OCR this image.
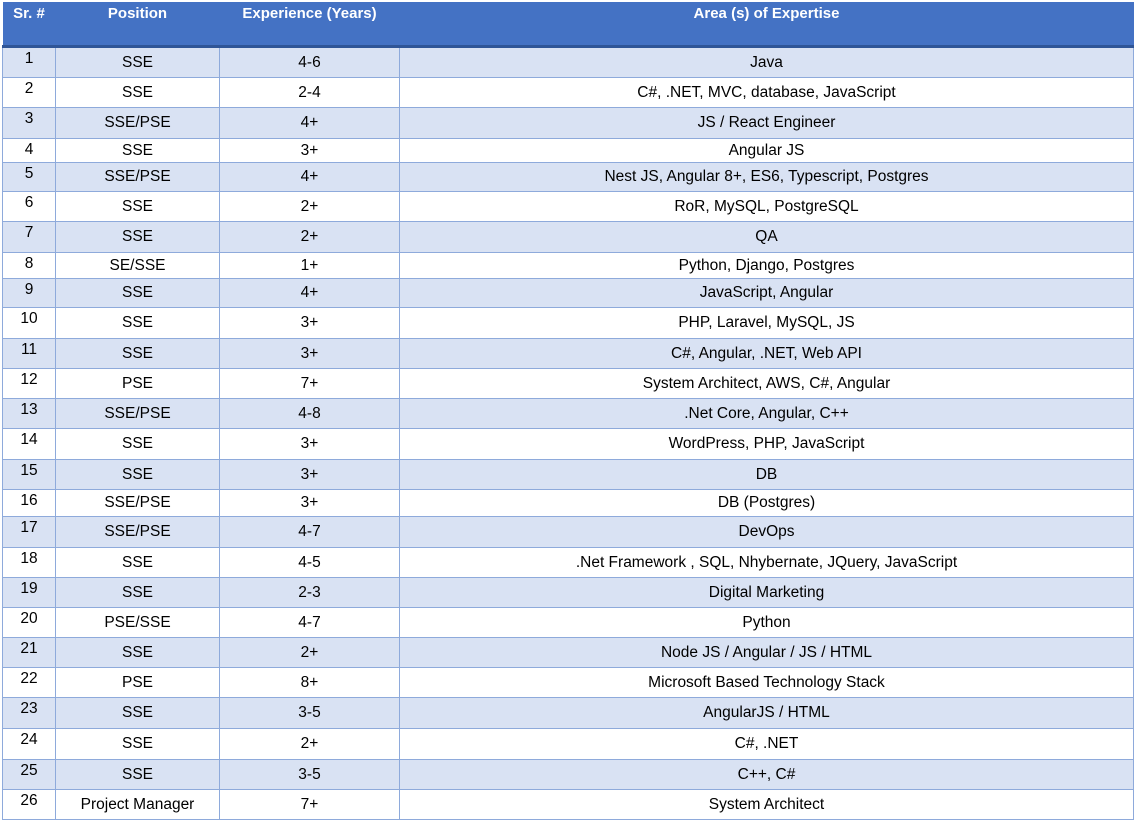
Sr. #	Position	Experience (Years)	Area (s) of Expertise
1	SSE	4-6	Java
2	SSE	2-4	C#, .NET, MVC, database, JavaScript
3	SSE/PSE	4+	JS / React Engineer
4	SSE	3+	Angular JS
5	SSE/PSE	4+	Nest JS, Angular 8+, ES6, Typescript, Postgres
6	SSE	2+	RoR, MySQL, PostgreSQL
7	SSE	2+	QA
8	SE/SSE	1+	Python, Django, Postgres
9	SSE	4+	JavaScript, Angular
10	SSE	3+	PHP, Laravel, MySQL, JS
11	SSE	3+	C#, Angular, .NET, Web API
12	PSE	7+	System Architect, AWS, C#, Angular
13	SSE/PSE	4-8	.Net Core, Angular, C++
14	SSE	3+	WordPress, PHP, JavaScript
15	SSE	3+	DB
16	SSE/PSE	3+	DB (Postgres)
17	SSE/PSE	4-7	DevOps
18	SSE	4-5	.Net Framework , SQL, Nhybernate, JQuery, JavaScript
19	SSE	2-3	Digital Marketing
20	PSE/SSE	4-7	Python
21	SSE	2+	Node JS / Angular / JS / HTML
22	PSE	8+	Microsoft Based Technology Stack
23	SSE	3-5	AngularJS / HTML
24	SSE	2+	C#, .NET
25	SSE	3-5	C++, C#
26	Project Manager	7+	System Architect
